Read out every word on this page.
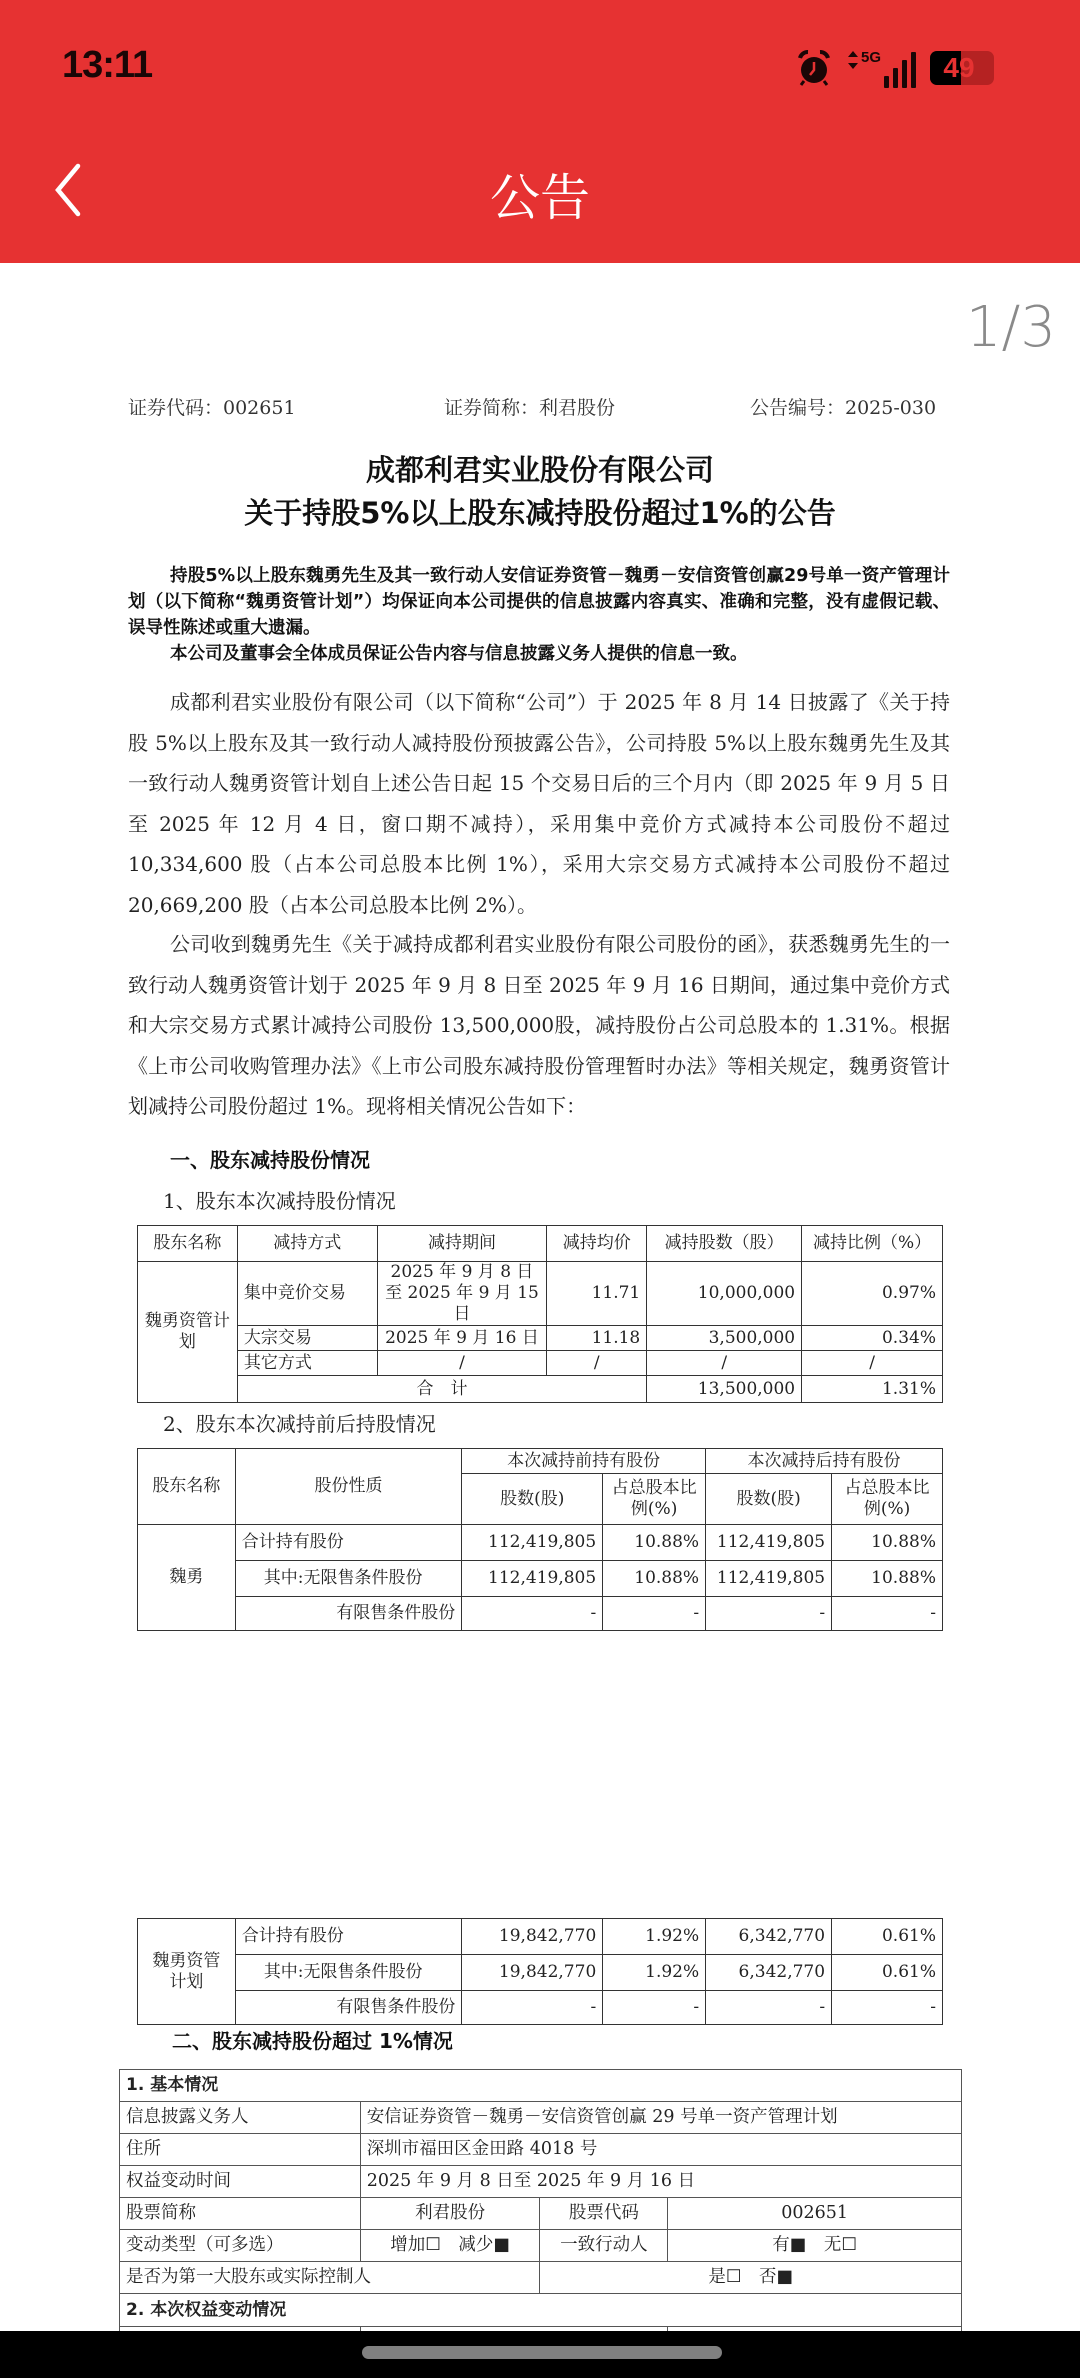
13:11	5G	49
公告
1/3
证券代码：002651	证券简称：利君股份	公告编号：2025-030
成都利君实业股份有限公司
关于持股5%以上股东减持股份超过1%的公告
持股5%以上股东魏勇先生及其一致行动人安信证券资管－魏勇－安信资管创赢29号单一资产管理计划（以下简称“魏勇资管计划”）均保证向本公司提供的信息披露内容真实、准确和完整，没有虚假记载、误导性陈述或重大遗漏。
本公司及董事会全体成员保证公告内容与信息披露义务人提供的信息一致。
成都利君实业股份有限公司（以下简称“公司”）于 2025 年 8 月 14 日披露了《关于持股 5%以上股东及其一致行动人减持股份预披露公告》，公司持股 5%以上股东魏勇先生及其一致行动人魏勇资管计划自上述公告日起 15 个交易日后的三个月内（即 2025 年 9 月 5 日至 2025 年 12 月 4 日，窗口期不减持），采用集中竞价方式减持本公司股份不超过 10,334,600 股（占本公司总股本比例 1%），采用大宗交易方式减持本公司股份不超过 20,669,200 股（占本公司总股本比例 2%）。
公司收到魏勇先生《关于减持成都利君实业股份有限公司股份的函》，获悉魏勇先生的一致行动人魏勇资管计划于 2025 年 9 月 8 日至 2025 年 9 月 16 日期间，通过集中竞价方式和大宗交易方式累计减持公司股份 13,500,000股，减持股份占公司总股本的 1.31%。根据《上市公司收购管理办法》《上市公司股东减持股份管理暂时办法》等相关规定，魏勇资管计划减持公司股份超过 1%。现将相关情况公告如下：
一、股东减持股份情况
1、股东本次减持股份情况
股东名称	减持方式	减持期间	减持均价	减持股数（股）	减持比例（%）
魏勇资管计划	集中竞价交易	2025 年 9 月 8 日至 2025 年 9 月 15 日	11.71	10,000,000	0.97%
	大宗交易	2025 年 9 月 16 日	11.18	3,500,000	0.34%
	其它方式	/	/	/	/
	合　计			13,500,000	1.31%
2、股东本次减持前后持股情况
股东名称	股份性质	本次减持前持有股份		本次减持后持有股份	
		股数(股)	占总股本比例(%)	股数(股)	占总股本比例(%)
魏勇	合计持有股份	112,419,805	10.88%	112,419,805	10.88%
	其中:无限售条件股份	112,419,805	10.88%	112,419,805	10.88%
	有限售条件股份	-	-	-	-
魏勇资管计划	合计持有股份	19,842,770	1.92%	6,342,770	0.61%
	其中:无限售条件股份	19,842,770	1.92%	6,342,770	0.61%
	有限售条件股份	-	-	-	-
二、股东减持股份超过 1%情况
1. 基本情况			
信息披露义务人	安信证券资管－魏勇－安信资管创赢 29 号单一资产管理计划		
住所	深圳市福田区金田路 4018 号		
权益变动时间	2025 年 9 月 8 日至 2025 年 9 月 16 日		
股票简称	利君股份	股票代码	002651
变动类型（可多选）	增加☐　减少■	一致行动人	有■　无☐
是否为第一大股东或实际控制人		是☐　否■	
2. 本次权益变动情况			
